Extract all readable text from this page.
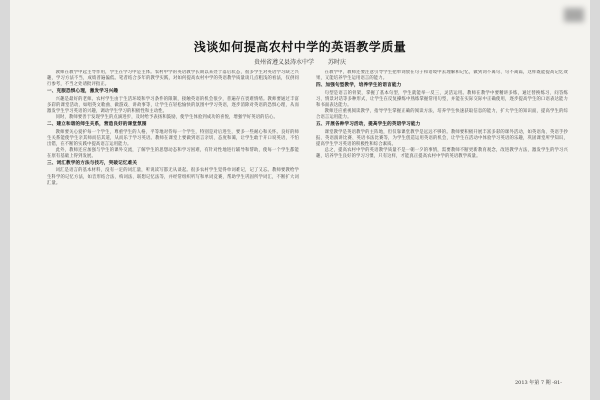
浅谈如何提高农村中学的英语教学质量
贵州省遵义县涛水中学 苏时庆

教师在教学中起主导作用，学生在学习中是主体。农村中学的英语教学长期以来处于落后状态，很多学生对英语学习缺乏兴趣，学习方法不当，成绩普遍偏低。笔者结合多年的教学实践，对如何提高农村中学的英语教学质量谈几点粗浅的看法，仅供同行参考，不当之处请批评指正。

一、克服恐惧心理，激发学习兴趣

兴趣是最好的老师。农村学生由于生活环境和学习条件的限制，接触英语的机会很少，普遍存在畏难情绪。教师要通过丰富多彩的课堂活动，如唱英文歌曲、做游戏、讲故事等，让学生在轻松愉快的氛围中学习英语，逐步消除对英语的恐惧心理，从而激发学生学习英语的兴趣，调动学生学习的积极性和主动性。

同时，教师要善于发现学生的点滴进步，及时给予表扬和鼓励，使学生体验到成功的喜悦，增强学好英语的信心。

二、建立和谐的师生关系，营造良好的课堂氛围

教师要关心爱护每一个学生，尊重学生的人格，平等地对待每一个学生，特别是对后进生，要多一些耐心和关怀。良好的师生关系能使学生亲其师而信其道，从而乐于学习英语。教师在课堂上要做到语言亲切、态度和蔼，让学生敢于开口说英语，不怕出错，在不断的实践中提高语言运用能力。

此外，教师还应加强与学生的课外交流，了解学生的思想动态和学习困难，有针对性地进行辅导和帮助，使每一个学生都能在原有基础上得到发展。

三、词汇教学的方法与技巧，突破记忆难关

词汇是语言的基本材料，没有一定的词汇量，听说读写都无从谈起。很多农村学生觉得单词难记，记了又忘。教师要教给学生科学的记忆方法，如音形结合法、构词法、联想记忆法等，并经常组织听写和单词竞赛，帮助学生巩固所学词汇，不断扩大词汇量。

在教学中，教师还要注意引导学生把单词放在句子和语境中去理解和记忆，做到词不离句、句不离篇，这样既能提高记忆效果，又能培养学生运用语言的能力。

四、加强句型教学，培养学生的语言能力

句型是语言的骨架，掌握了基本句型，学生就能举一反三，灵活运用。教师在教学中要精讲多练，通过替换练习、问答练习、情景对话等多种形式，让学生在反复操练中熟练掌握常用句型，并能在实际交际中正确使用，逐步提高学生的口语表达能力和书面表达能力。

教师还应重视阅读教学，指导学生掌握正确的阅读方法，培养学生快速获取信息的能力，扩大学生的知识面，提高学生的综合语言运用能力。

五、开展各种学习活动，提高学生的英语学习能力

课堂教学是英语教学的主阵地，但仅靠课堂教学是远远不够的。教师要积极开展丰富多彩的课外活动，如英语角、英语手抄报、英语演讲比赛、英语书法比赛等，为学生创造运用英语的机会，让学生在活动中体验学习英语的乐趣，巩固课堂所学知识，提高学生学习英语的积极性和综合素质。

总之，提高农村中学的英语教学质量不是一朝一夕的事情，需要教师不断更新教育观念，改进教学方法，激发学生的学习兴趣，培养学生良好的学习习惯，只有这样，才能真正提高农村中学的英语教学质量。

2013 年第 7 期 -81-
